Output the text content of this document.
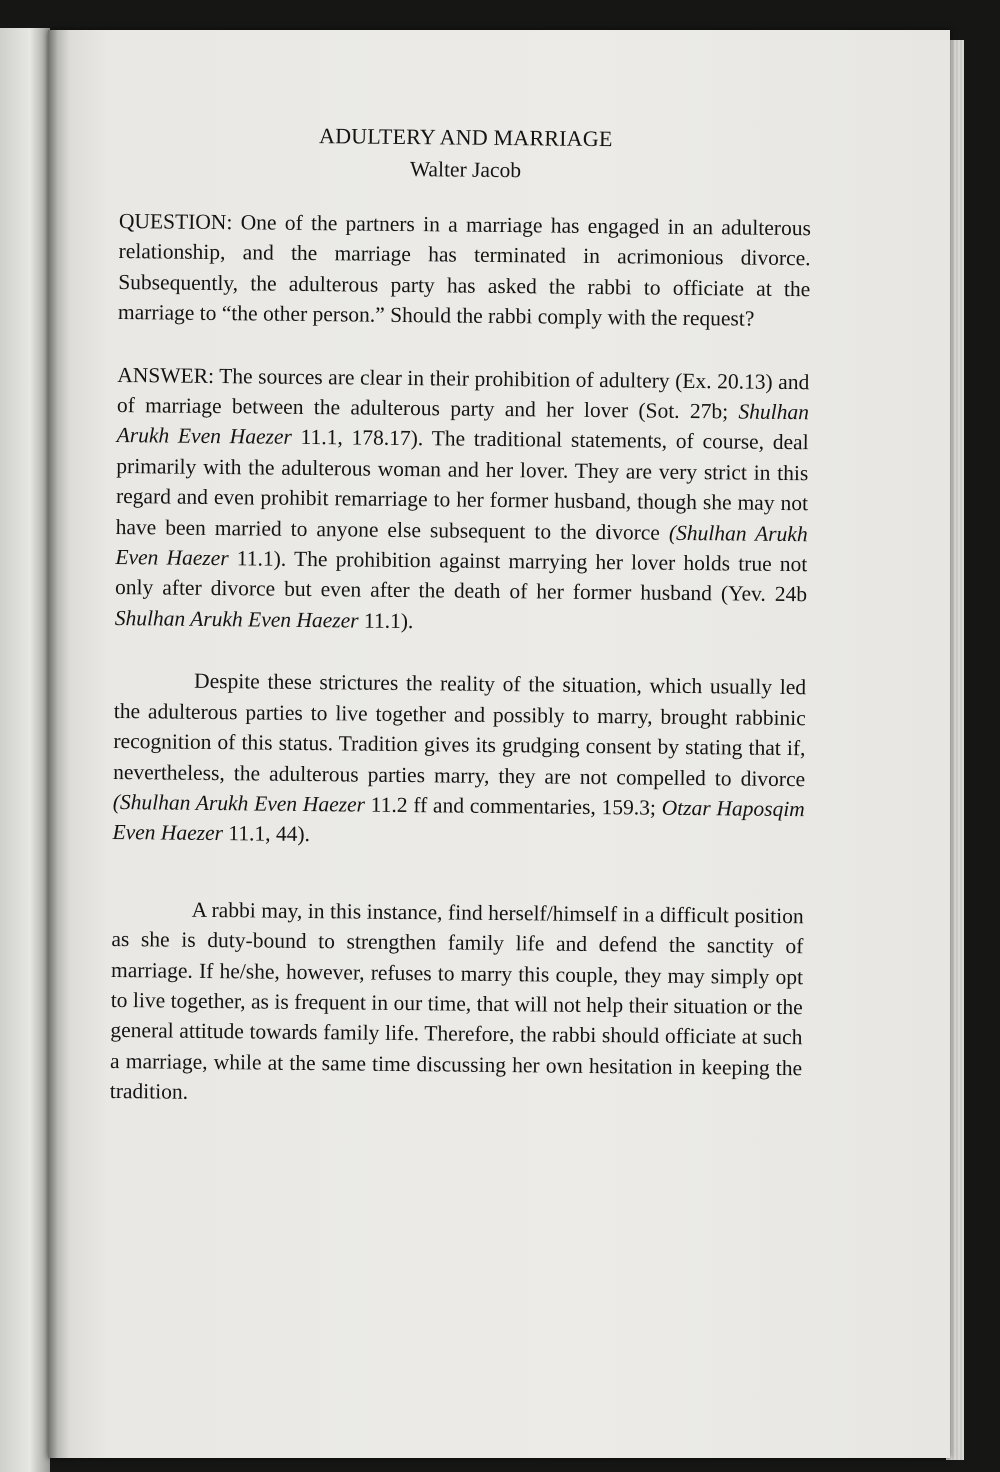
ADULTERY AND MARRIAGE
Walter Jacob

QUESTION: One of the partners in a marriage has engaged in an adulterous relationship, and the marriage has terminated in acrimonious divorce. Subsequently, the adulterous party has asked the rabbi to officiate at the marriage to “the other person.” Should the rabbi comply with the request?

ANSWER: The sources are clear in their prohibition of adultery (Ex. 20.13) and of marriage between the adulterous party and her lover (Sot. 27b; Shulhan Arukh Even Haezer 11.1, 178.17). The traditional statements, of course, deal primarily with the adulterous woman and her lover. They are very strict in this regard and even prohibit remarriage to her former husband, though she may not have been married to anyone else subsequent to the divorce (Shulhan Arukh Even Haezer 11.1). The prohibition against marrying her lover holds true not only after divorce but even after the death of her former husband (Yev. 24b Shulhan Arukh Even Haezer 11.1).

Despite these strictures the reality of the situation, which usually led the adulterous parties to live together and possibly to marry, brought rabbinic recognition of this status. Tradition gives its grudging consent by stating that if, nevertheless, the adulterous parties marry, they are not compelled to divorce (Shulhan Arukh Even Haezer 11.2 ff and commentaries, 159.3; Otzar Haposqim Even Haezer 11.1, 44).

A rabbi may, in this instance, find herself/himself in a difficult position as she is duty-bound to strengthen family life and defend the sanctity of marriage. If he/she, however, refuses to marry this couple, they may simply opt to live together, as is frequent in our time, that will not help their situation or the general attitude towards family life. Therefore, the rabbi should officiate at such a marriage, while at the same time discussing her own hesitation in keeping the tradition.
